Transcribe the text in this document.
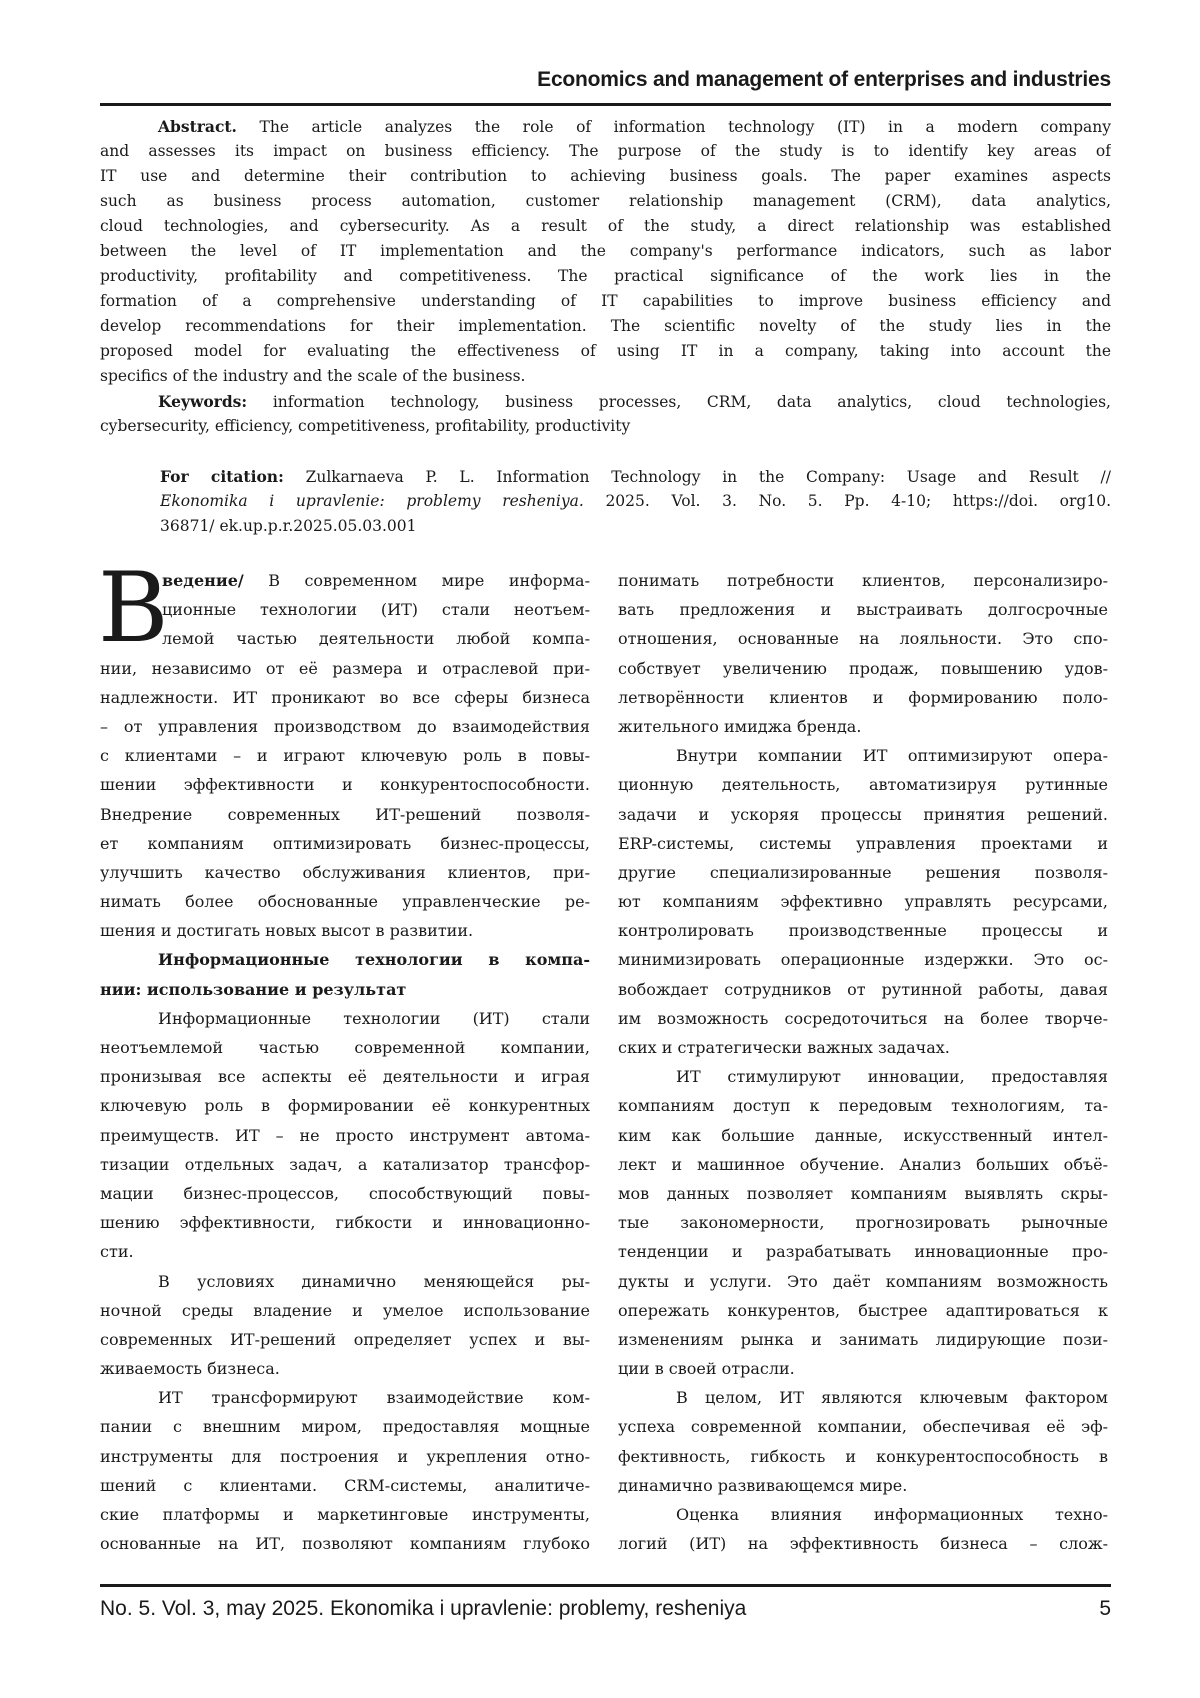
Economics and management of enterprises and industries
Abstract. The article analyzes the role of information technology (IT) in a modern company
and assesses its impact on business efficiency. The purpose of the study is to identify key areas of
IT use and determine their contribution to achieving business goals. The paper examines aspects
such as business process automation, customer relationship management (CRM), data analytics,
cloud technologies, and cybersecurity. As a result of the study, a direct relationship was established
between the level of IT implementation and the company's performance indicators, such as labor
productivity, profitability and competitiveness. The practical significance of the work lies in the
formation of a comprehensive understanding of IT capabilities to improve business efficiency and
develop recommendations for their implementation. The scientific novelty of the study lies in the
proposed model for evaluating the effectiveness of using IT in a company, taking into account the
specifics of the industry and the scale of the business.
Keywords: information technology, business processes, CRM, data analytics, cloud technologies,
cybersecurity, efficiency, competitiveness, profitability, productivity
For citation: Zulkarnaeva P. L. Information Technology in the Company: Usage and Result //
Ekonomika i upravlenie: problemy resheniya. 2025. Vol. 3. No. 5. Pp. 4-10; https://doi. org10.
36871/ ek.up.p.r.2025.05.03.001
В
ведение/ В современном мире информа-
ционные технологии (ИТ) стали неотъем-
лемой частью деятельности любой компа-
нии, независимо от её размера и отраслевой при-
надлежности. ИТ проникают во все сферы бизнеса
– от управления производством до взаимодействия
с клиентами – и играют ключевую роль в повы-
шении эффективности и конкурентоспособности.
Внедрение современных ИТ-решений позволя-
ет компаниям оптимизировать бизнес-процессы,
улучшить качество обслуживания клиентов, при-
нимать более обоснованные управленческие ре-
шения и достигать новых высот в развитии.
Информационные технологии в компа-
нии: использование и результат
Информационные технологии (ИТ) стали
неотъемлемой частью современной компании,
пронизывая все аспекты её деятельности и играя
ключевую роль в формировании её конкурентных
преимуществ. ИТ – не просто инструмент автома-
тизации отдельных задач, а катализатор трансфор-
мации бизнес-процессов, способствующий повы-
шению эффективности, гибкости и инновационно-
сти.
В условиях динамично меняющейся ры-
ночной среды владение и умелое использование
современных ИТ-решений определяет успех и вы-
живаемость бизнеса.
ИТ трансформируют взаимодействие ком-
пании с внешним миром, предоставляя мощные
инструменты для построения и укрепления отно-
шений с клиентами. CRM-системы, аналитиче-
ские платформы и маркетинговые инструменты,
основанные на ИТ, позволяют компаниям глубоко
понимать потребности клиентов, персонализиро-
вать предложения и выстраивать долгосрочные
отношения, основанные на лояльности. Это спо-
собствует увеличению продаж, повышению удов-
летворённости клиентов и формированию поло-
жительного имиджа бренда.
Внутри компании ИТ оптимизируют опера-
ционную деятельность, автоматизируя рутинные
задачи и ускоряя процессы принятия решений.
ERP-системы, системы управления проектами и
другие специализированные решения позволя-
ют компаниям эффективно управлять ресурсами,
контролировать производственные процессы и
минимизировать операционные издержки. Это ос-
вобождает сотрудников от рутинной работы, давая
им возможность сосредоточиться на более творче-
ских и стратегически важных задачах.
ИТ стимулируют инновации, предоставляя
компаниям доступ к передовым технологиям, та-
ким как большие данные, искусственный интел-
лект и машинное обучение. Анализ больших объё-
мов данных позволяет компаниям выявлять скры-
тые закономерности, прогнозировать рыночные
тенденции и разрабатывать инновационные про-
дукты и услуги. Это даёт компаниям возможность
опережать конкурентов, быстрее адаптироваться к
изменениям рынка и занимать лидирующие пози-
ции в своей отрасли.
В целом, ИТ являются ключевым фактором
успеха современной компании, обеспечивая её эф-
фективность, гибкость и конкурентоспособность в
динамично развивающемся мире.
Оценка влияния информационных техно-
логий (ИТ) на эффективность бизнеса – слож-
No. 5. Vol. 3, may 2025. Ekonomika i upravlenie: problemy, resheniya	5
